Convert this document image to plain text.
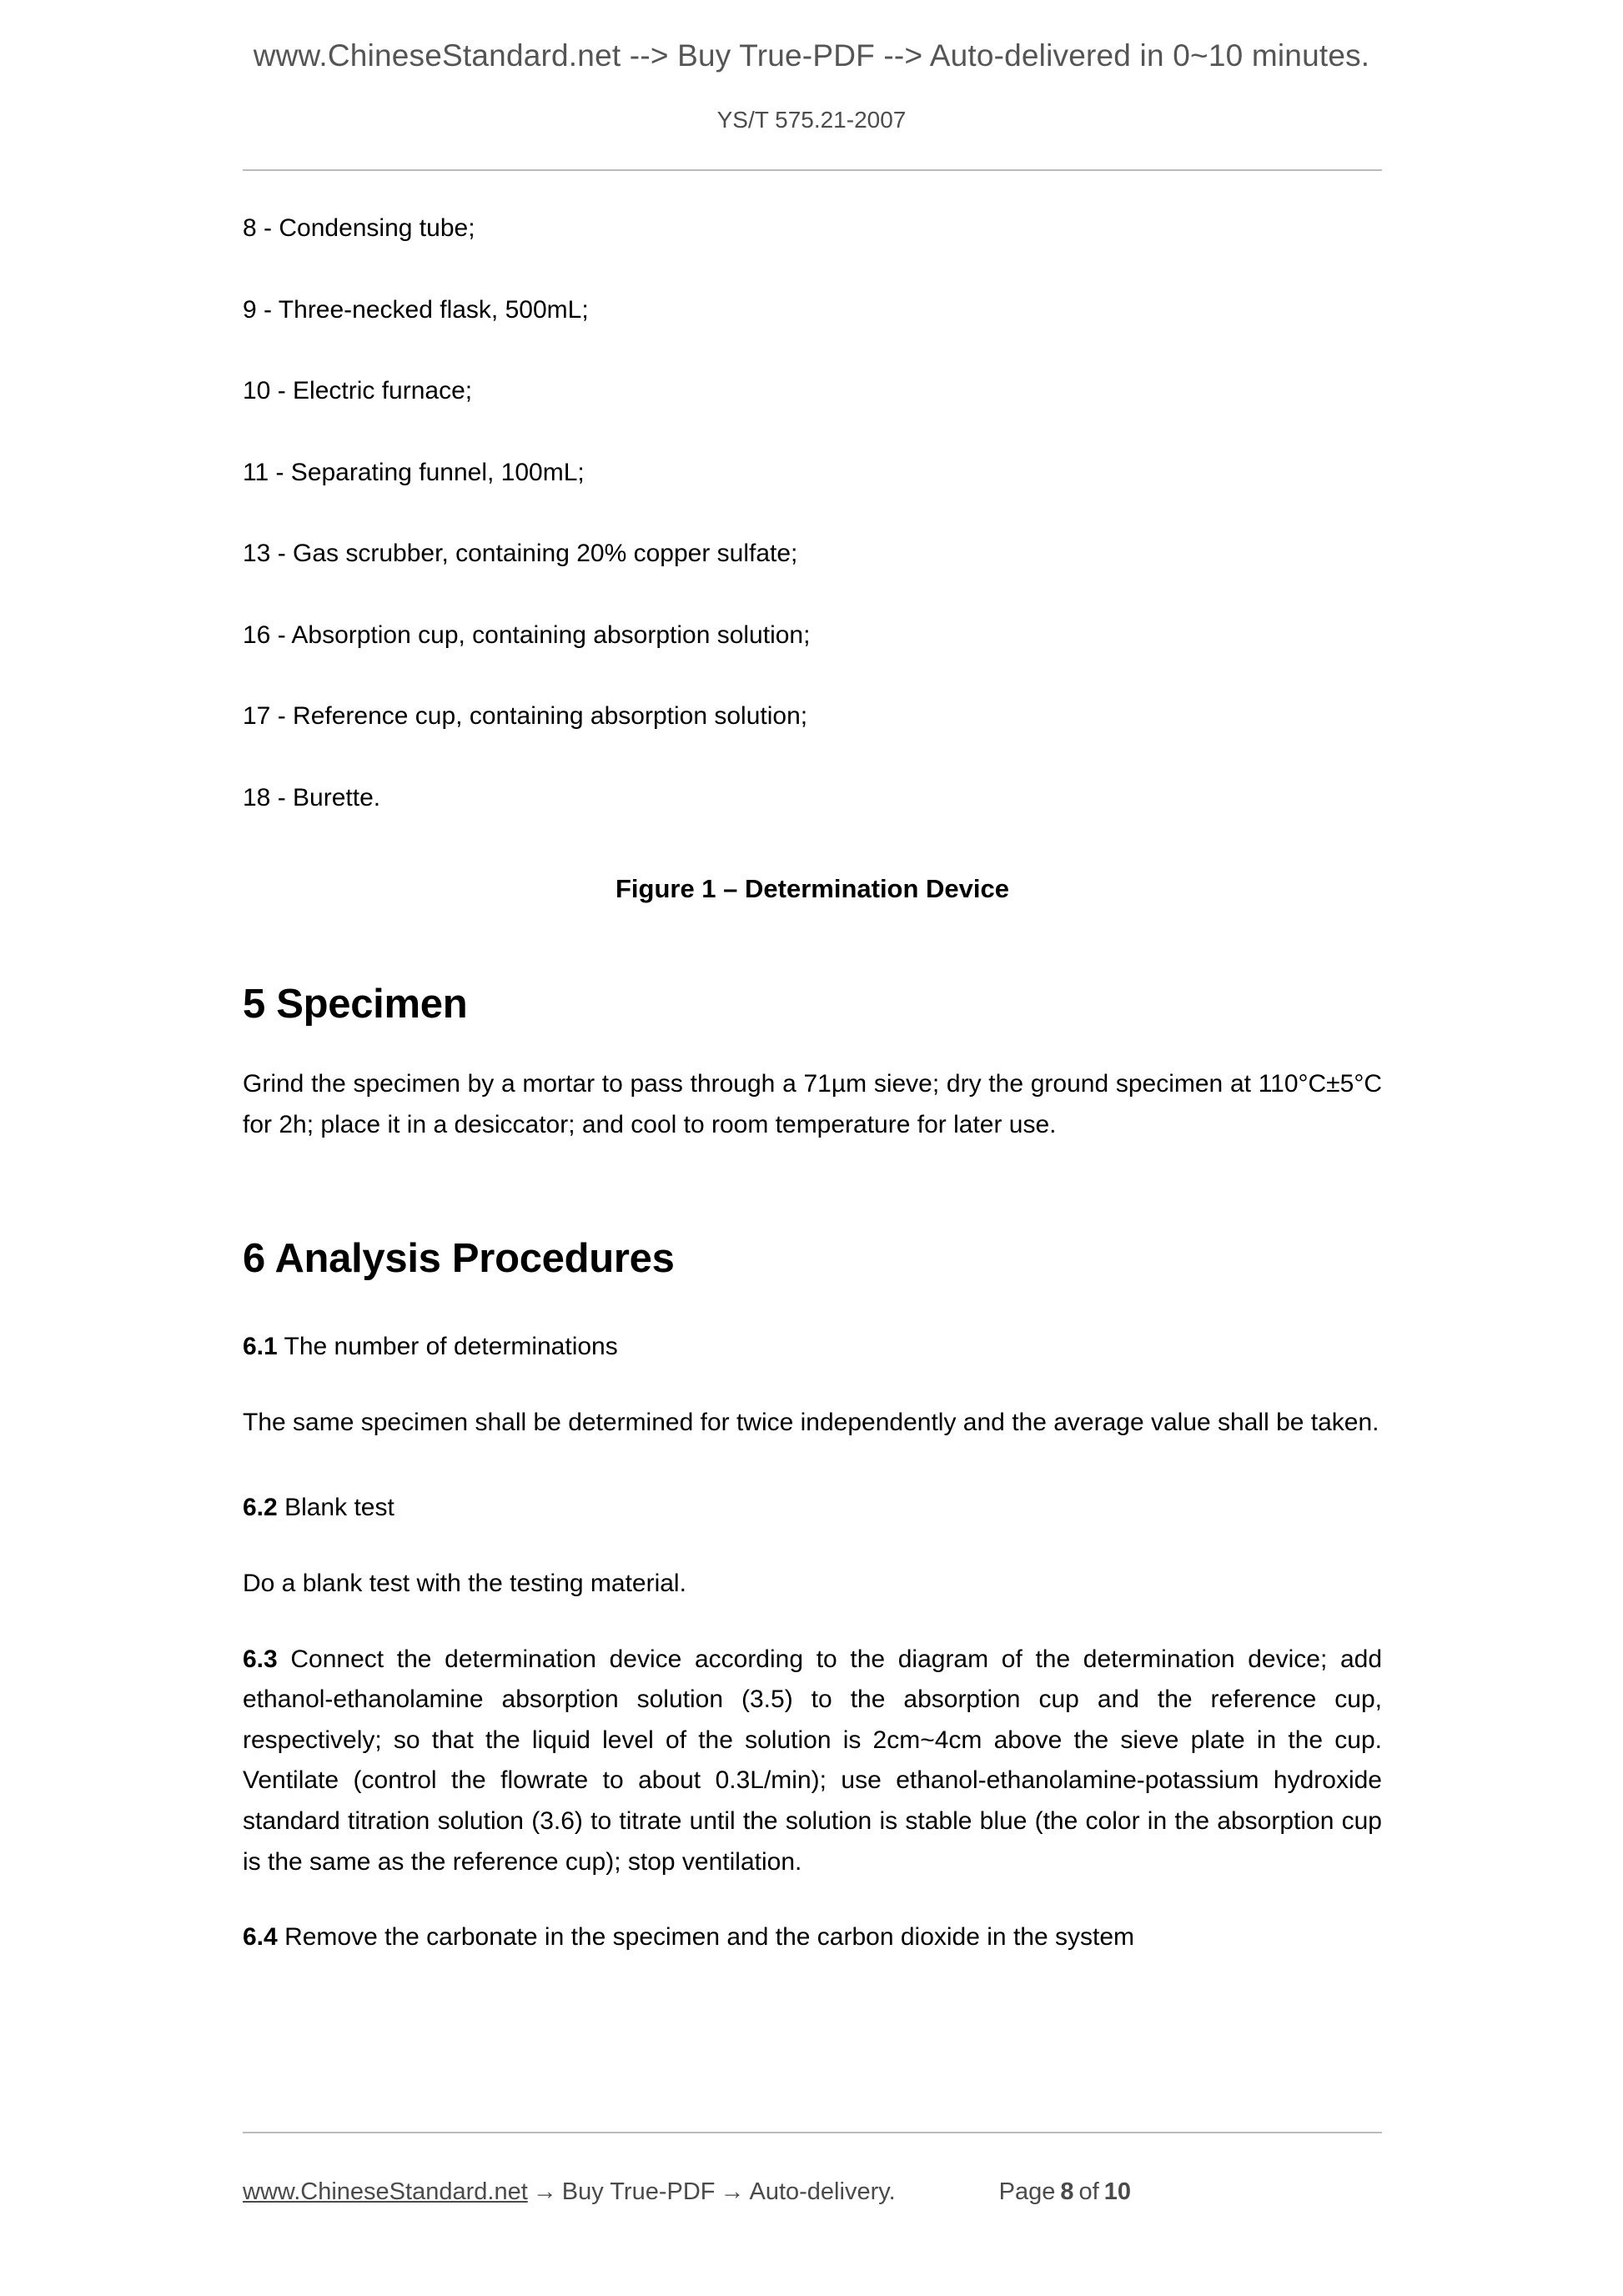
www.ChineseStandard.net --> Buy True-PDF --> Auto-delivered in 0~10 minutes.
YS/T 575.21-2007

8 - Condensing tube;

9 - Three-necked flask, 500mL;

10 - Electric furnace;

11 - Separating funnel, 100mL;

13 - Gas scrubber, containing 20% copper sulfate;

16 - Absorption cup, containing absorption solution;

17 - Reference cup, containing absorption solution;

18 - Burette.

Figure 1 – Determination Device

5 Specimen

Grind the specimen by a mortar to pass through a 71µm sieve; dry the ground specimen at 110°C±5°C for 2h; place it in a desiccator; and cool to room temperature for later use.

6 Analysis Procedures

6.1 The number of determinations

The same specimen shall be determined for twice independently and the average value shall be taken.

6.2 Blank test

Do a blank test with the testing material.

6.3 Connect the determination device according to the diagram of the determination device; add ethanol-ethanolamine absorption solution (3.5) to the absorption cup and the reference cup, respectively; so that the liquid level of the solution is 2cm~4cm above the sieve plate in the cup. Ventilate (control the flowrate to about 0.3L/min); use ethanol-ethanolamine-potassium hydroxide standard titration solution (3.6) to titrate until the solution is stable blue (the color in the absorption cup is the same as the reference cup); stop ventilation.

6.4 Remove the carbonate in the specimen and the carbon dioxide in the system

www.ChineseStandard.net → Buy True-PDF → Auto-delivery.	Page 8 of 10
